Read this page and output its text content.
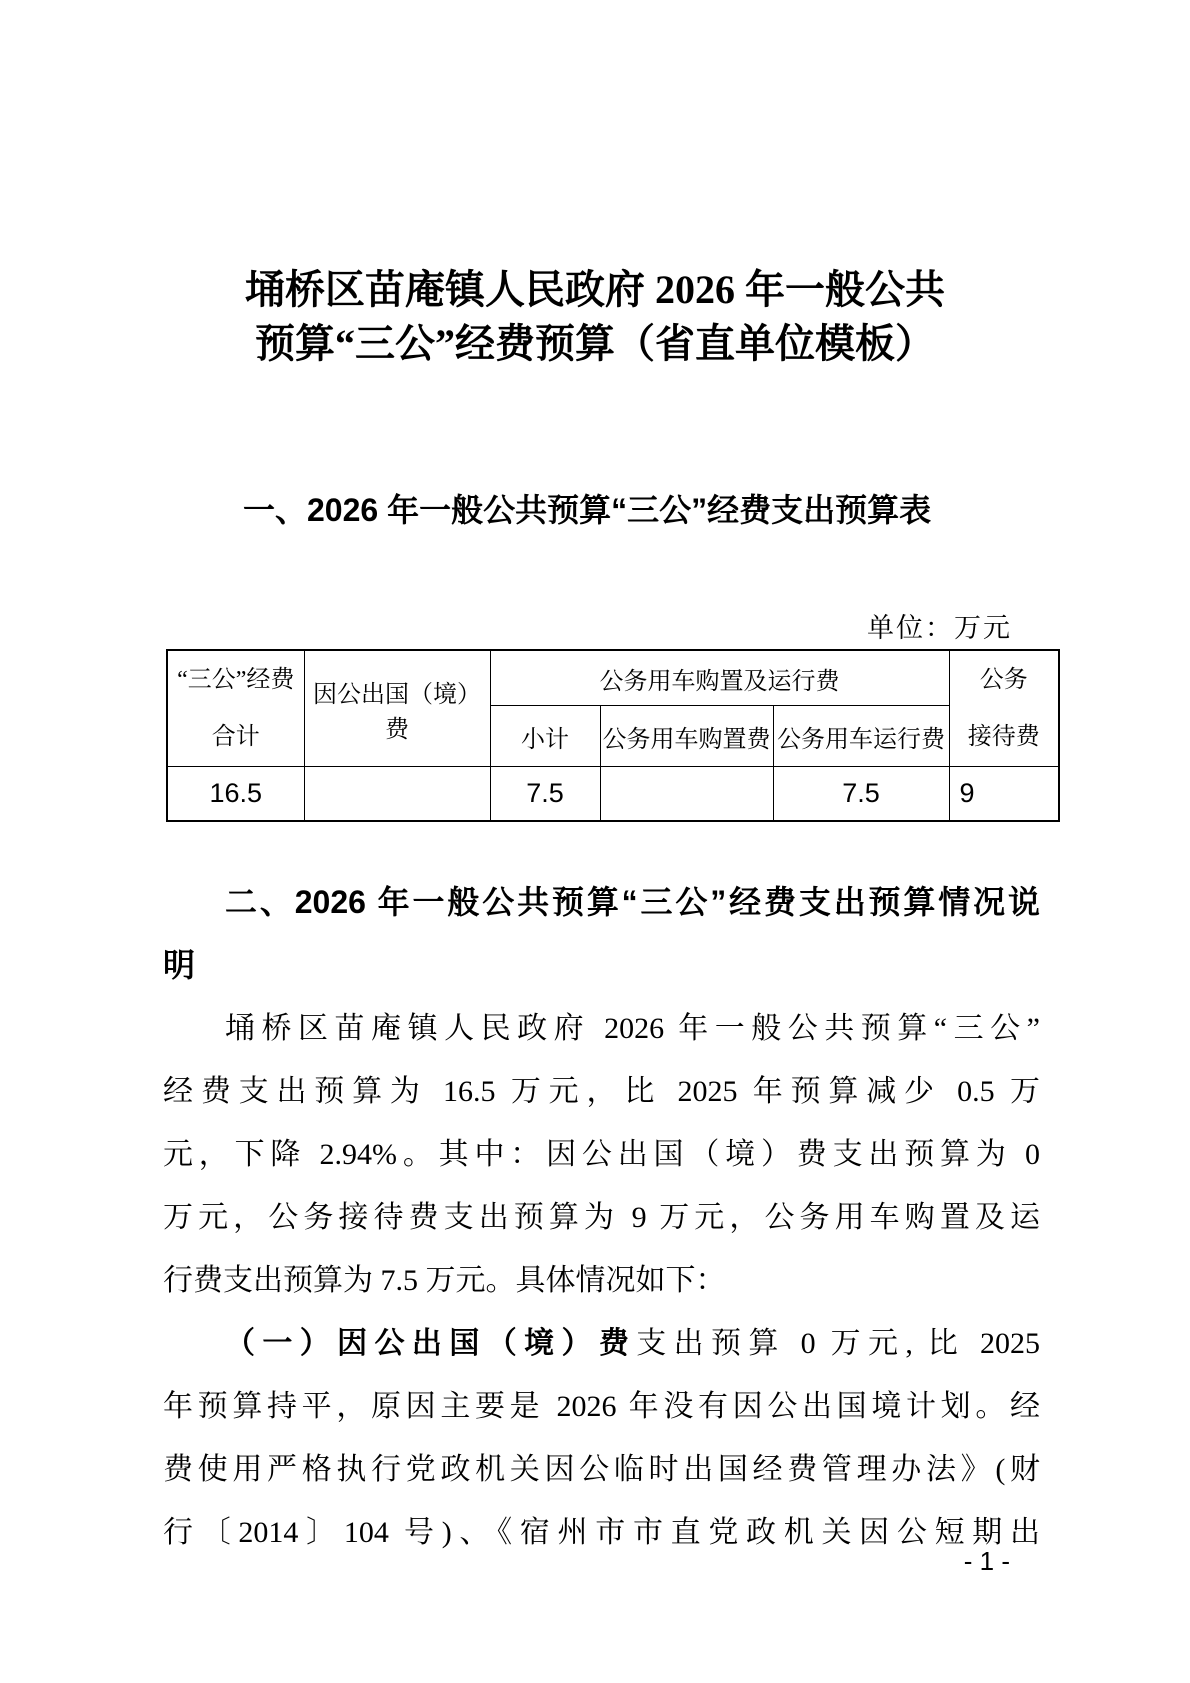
埇桥区苗庵镇人民政府 2026 年一般公共
预算“三公”经费预算（省直单位模板）
一、2026 年一般公共预算“三公”经费支出预算表
单位：万元
“三公”经费
合计
	因公出国（境）费	公务用车购置及运行费	公务
接待费

		小计	公务用车购置费	公务用车运行费	
16.5		7.5		7.5	9
二、2026 年一般公共预算“三公”经费支出预算情况说
明
埇桥区苗庵镇人民政府 2026 年一般公共预算“三公”
经费支出预算为 16.5 万元，比 2025 年预算减少 0.5 万
元，下降 2.94%。其中：因公出国（境）费支出预算为 0
万元，公务接待费支出预算为 9 万元，公务用车购置及运
行费支出预算为 7.5 万元。具体情况如下：
（一）因公出国（境）费支出预算 0 万元, 比 2025
年预算持平，原因主要是 2026 年没有因公出国境计划。经
费使用严格执行党政机关因公临时出国经费管理办法》(财
行〔2014〕104 号)、《宿州市市直党政机关因公短期出
- 1 -
